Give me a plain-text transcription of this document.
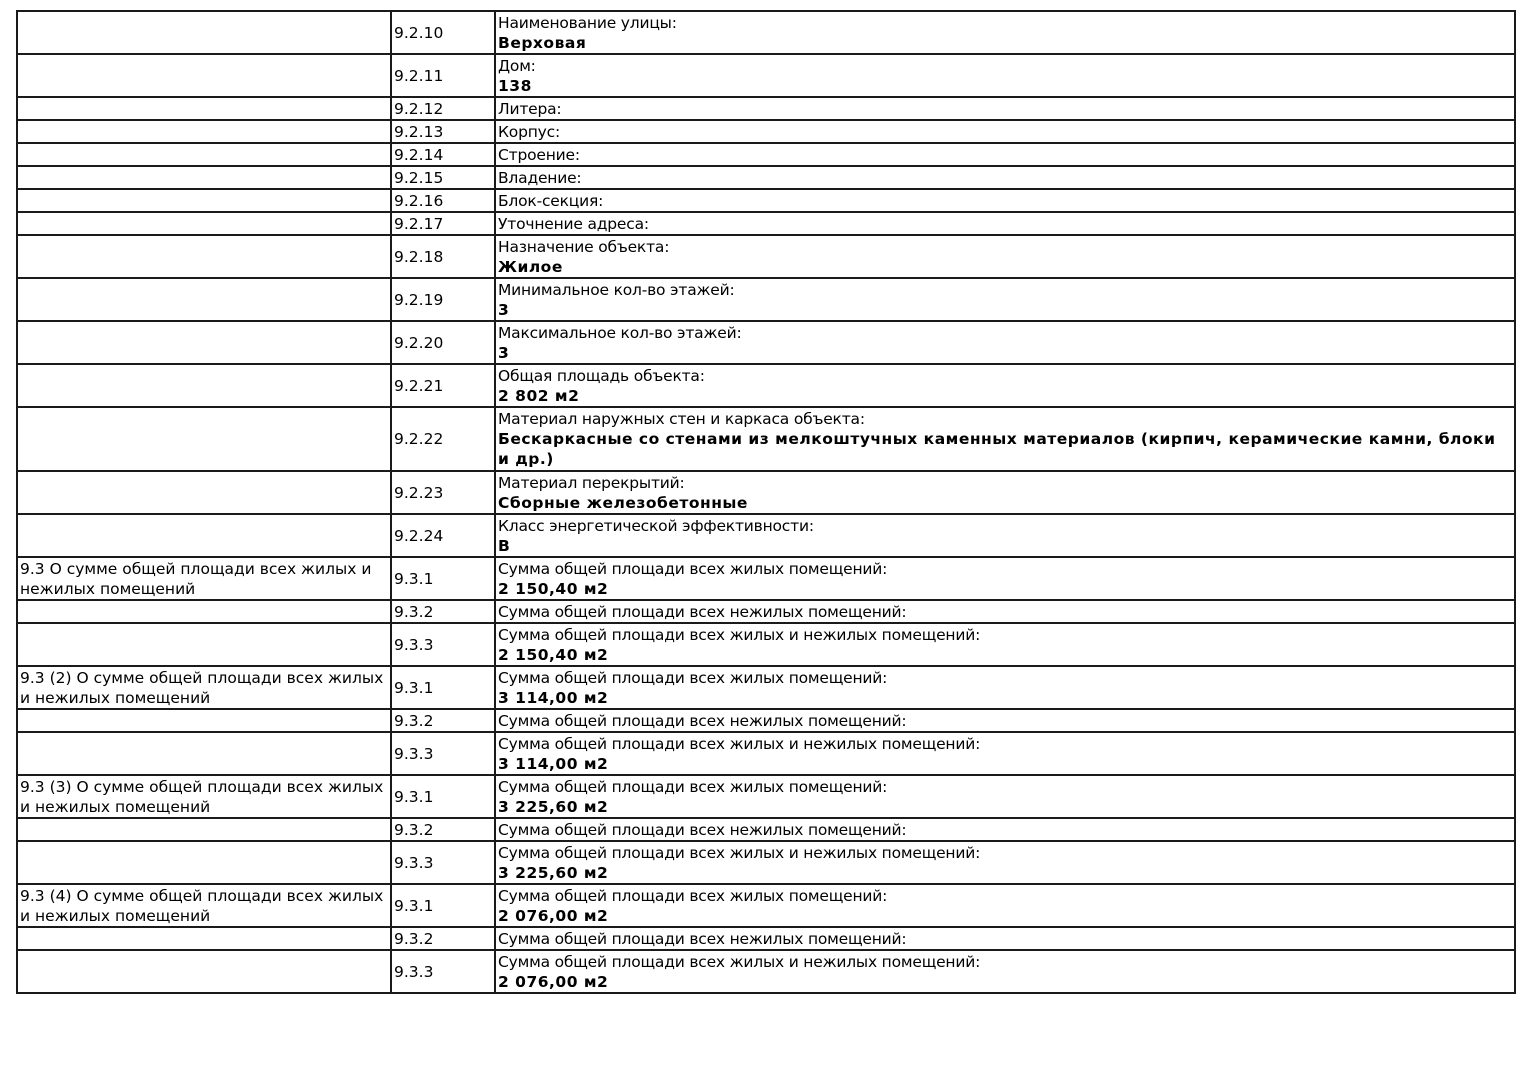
	9.2.10	Наименование улицы:
Верховая

	9.2.11	Дом:
138

	9.2.12	Литера:

	9.2.13	Корпус:

	9.2.14	Строение:

	9.2.15	Владение:

	9.2.16	Блок-секция:

	9.2.17	Уточнение адреса:

	9.2.18	Назначение объекта:
Жилое

	9.2.19	Минимальное кол-во этажей:
3

	9.2.20	Максимальное кол-во этажей:
3

	9.2.21	Общая площадь объекта:
2 802 м2

	9.2.22	Материал наружных стен и каркаса объекта:
Бескаркасные со стенами из мелкоштучных каменных материалов (кирпич, керамические камни, блоки и др.)

	9.2.23	Материал перекрытий:
Сборные железобетонные

	9.2.24	Класс энергетической эффективности:
B

9.3 О сумме общей площади всех жилых и нежилых помещений	9.3.1	Сумма общей площади всех жилых помещений:
2 150,40 м2

	9.3.2	Сумма общей площади всех нежилых помещений:

	9.3.3	Сумма общей площади всех жилых и нежилых помещений:
2 150,40 м2

9.3 (2) О сумме общей площади всех жилых и нежилых помещений	9.3.1	Сумма общей площади всех жилых помещений:
3 114,00 м2

	9.3.2	Сумма общей площади всех нежилых помещений:

	9.3.3	Сумма общей площади всех жилых и нежилых помещений:
3 114,00 м2

9.3 (3) О сумме общей площади всех жилых и нежилых помещений	9.3.1	Сумма общей площади всех жилых помещений:
3 225,60 м2

	9.3.2	Сумма общей площади всех нежилых помещений:

	9.3.3	Сумма общей площади всех жилых и нежилых помещений:
3 225,60 м2

9.3 (4) О сумме общей площади всех жилых и нежилых помещений	9.3.1	Сумма общей площади всех жилых помещений:
2 076,00 м2

	9.3.2	Сумма общей площади всех нежилых помещений:

	9.3.3	Сумма общей площади всех жилых и нежилых помещений:
2 076,00 м2
